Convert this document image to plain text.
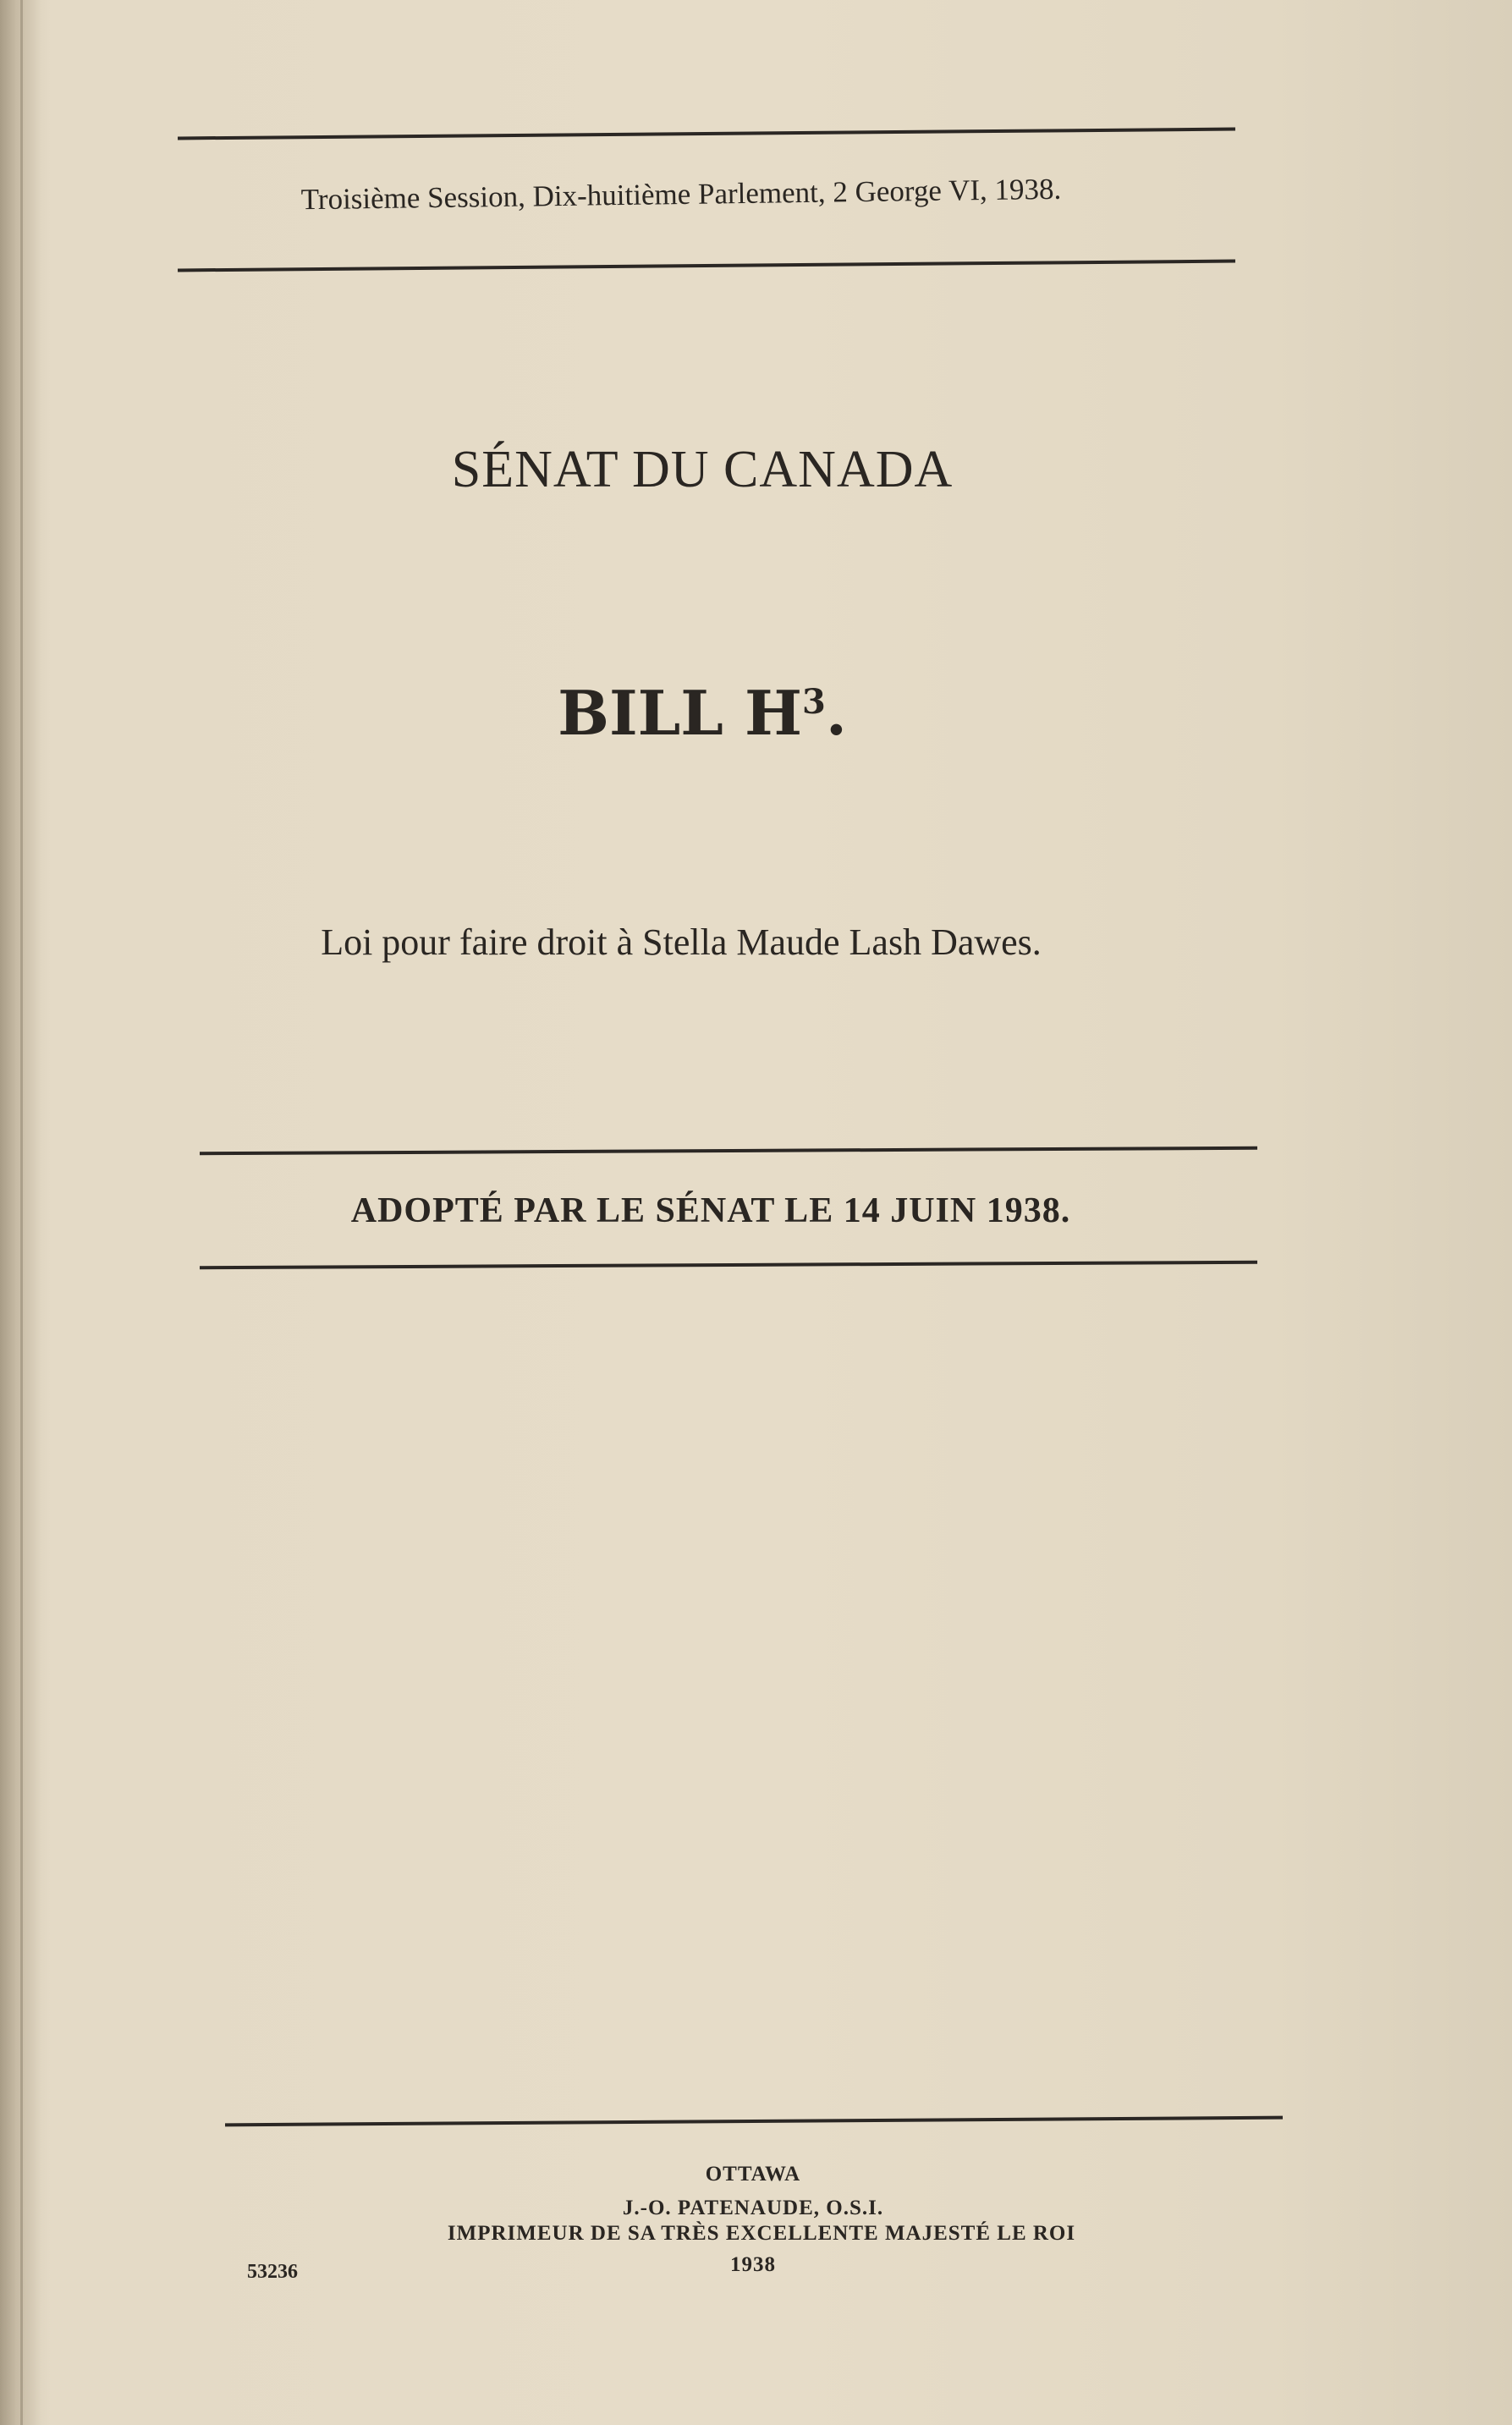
Troisième Session, Dix-huitième Parlement, 2 George VI, 1938.
SÉNAT DU CANADA
BILL $H^3$.
Loi pour faire droit à Stella Maude Lash Dawes.
ADOPTÉ PAR LE SÉNAT LE 14 JUIN 1938.
OTTAWA
J.-O. PATENAUDE, O.S.I.
IMPRIMEUR DE SA TRÈS EXCELLENTE MAJESTÉ LE ROI
1938
53236
